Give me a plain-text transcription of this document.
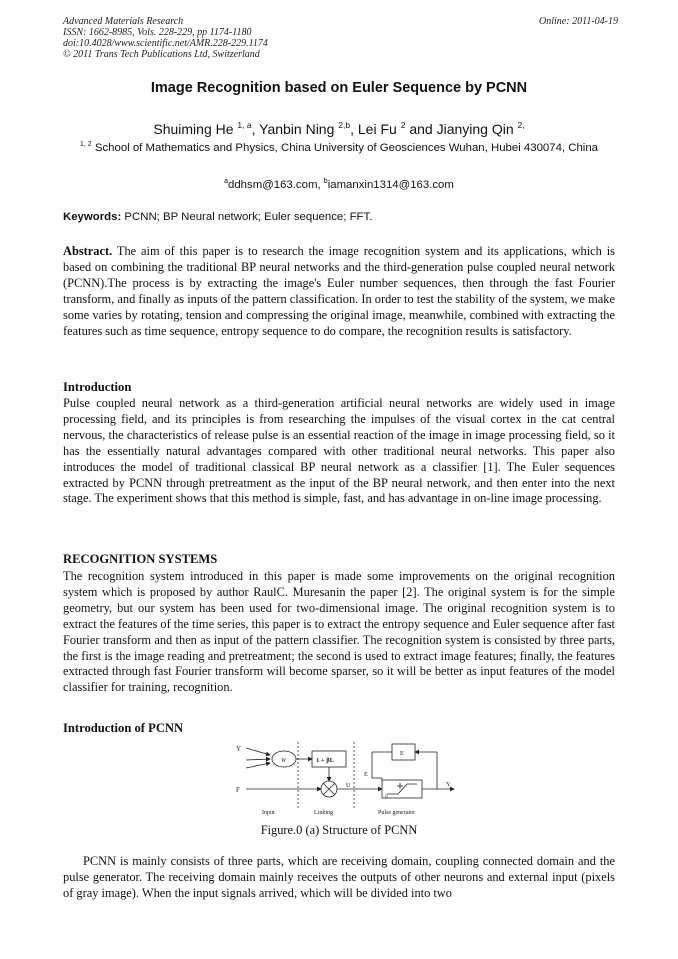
Advanced Materials Research
ISSN: 1662-8985, Vols. 228-229, pp 1174-1180
doi:10.4028/www.scientific.net/AMR.228-229.1174
© 2011 Trans Tech Publications Ltd, Switzerland
Online: 2011-04-19
Image Recognition based on Euler Sequence by PCNN
Shuiming He $^{1, a}$, Yanbin Ning $^{2,b}$, Lei Fu $^2$ and Jianying Qin $^{2,}$
$^{1, 2}$ School of Mathematics and Physics, China University of Geosciences Wuhan, Hubei 430074, China
$^a$ddhsm@163.com, $^b$iamanxin1314@163.com
Keywords: PCNN; BP Neural network; Euler sequence; FFT.
Abstract. The aim of this paper is to research the image recognition system and its applications, which is based on combining the traditional BP neural networks and the third-generation pulse coupled neural network (PCNN).The process is by extracting the image's Euler number sequences, then through the fast Fourier transform, and finally as inputs of the pattern classification. In order to test the stability of the system, we make some varies by rotating, tension and compressing the original image, meanwhile, combined with extracting the features such as time sequence, entropy sequence to do compare, the recognition results is satisfactory.
Introduction
Pulse coupled neural network as a third-generation artificial neural networks are widely used in image processing field, and its principles is from researching the impulses of the visual cortex in the cat central nervous, the characteristics of release pulse is an essential reaction of the image in image processing field, so it has the essentially natural advantages compared with other traditional neural networks. This paper also introduces the model of traditional classical BP neural network as a classifier [1]. The Euler sequences extracted by PCNN through pretreatment as the input of the BP neural network, and then enter into the next stage. The experiment shows that this method is simple, fast, and has advantage in on-line image processing.
RECOGNITION SYSTEMS
The recognition system introduced in this paper is made some improvements on the original recognition system which is proposed by author RaulC. Muresanin the paper [2]. The original system is for the simple geometry, but our system has been used for two-dimensional image. The original recognition system is to extract the features of the time series, this paper is to extract the entropy sequence and Euler sequence after fast Fourier transform and then as input of the pattern classifier. The recognition system is consisted by three parts, the first is the image reading and pretreatment; the second is used to extract image features; finally, the features extracted through fast Fourier transform will become sparser, so it will be better as input features of the model classifier for training, recognition.
Introduction of PCNN
Y
F
W	1 + βL
E
E
U	Y
0
Input	Linking	Pulse generator
Figure.0 (a) Structure of PCNN
PCNN is mainly consists of three parts, which are receiving domain, coupling connected domain and the pulse generator. The receiving domain mainly receives the outputs of other neurons and external input (pixels of gray image). When the input signals arrived, which will be divided into two
